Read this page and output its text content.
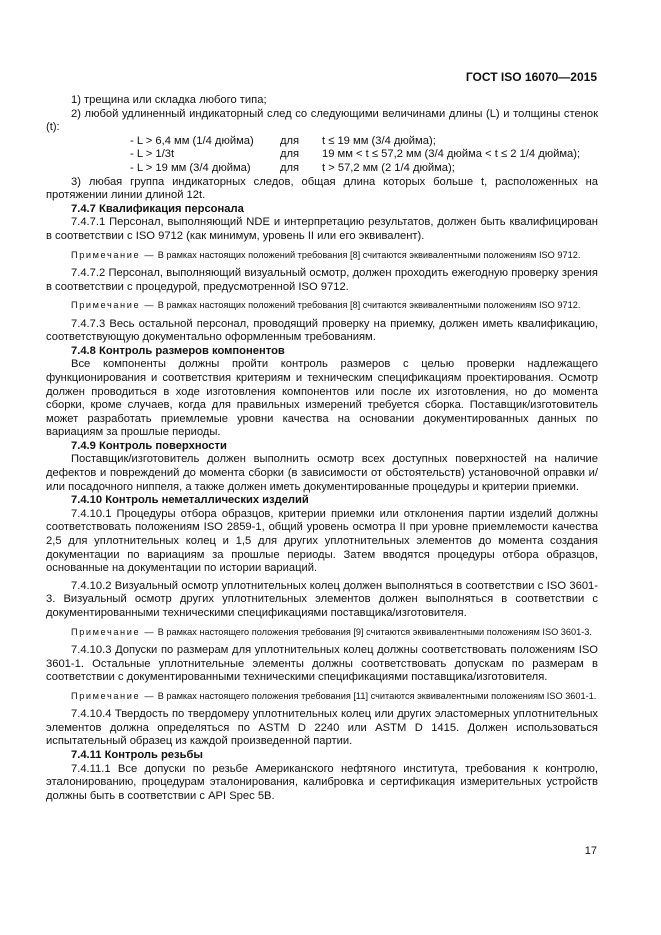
ГОСТ ISO 16070—2015

1) трещина или складка любого типа;

2) любой удлиненный индикаторный след со следующими величинами длины (L) и толщины стенок (t):

- L > 6,4 мм (1/4 дюйма)	для	t ≤ 19 мм (3/4 дюйма);
- L > 1/3t	для	19 мм < t ≤ 57,2 мм (3/4 дюйма < t ≤ 2 1/4 дюйма);
- L > 19 мм (3/4 дюйма)	для	t > 57,2 мм (2 1/4 дюйма);

3) любая группа индикаторных следов, общая длина которых больше t, расположенных на протяжении линии длиной 12t.

7.4.7 Квалификация персонала

7.4.7.1 Персонал, выполняющий NDE и интерпретацию результатов, должен быть квалифицирован в соответствии с ISO 9712 (как минимум, уровень II или его эквивалент).

Примечание — В рамках настоящих положений требования [8] считаются эквивалентными положениям ISO 9712.

7.4.7.2 Персонал, выполняющий визуальный осмотр, должен проходить ежегодную проверку зрения в соответствии с процедурой, предусмотренной ISO 9712.

Примечание — В рамках настоящих положений требования [8] считаются эквивалентными положениям ISO 9712.

7.4.7.3 Весь остальной персонал, проводящий проверку на приемку, должен иметь квалификацию, соответствующую документально оформленным требованиям.

7.4.8 Контроль размеров компонентов

Все компоненты должны пройти контроль размеров с целью проверки надлежащего функционирования и соответствия критериям и техническим спецификациям проектирования. Осмотр должен проводиться в ходе изготовления компонентов или после их изготовления, но до момента сборки, кроме случаев, когда для правильных измерений требуется сборка. Поставщик/изготовитель может разработать приемлемые уровни качества на основании документированных данных по вариациям за прошлые периоды.

7.4.9 Контроль поверхности

Поставщик/изготовитель должен выполнить осмотр всех доступных поверхностей на наличие дефектов и повреждений до момента сборки (в зависимости от обстоятельств) установочной оправки и/или посадочного ниппеля, а также должен иметь документированные процедуры и критерии приемки.

7.4.10 Контроль неметаллических изделий

7.4.10.1 Процедуры отбора образцов, критерии приемки или отклонения партии изделий должны соответствовать положениям ISO 2859-1, общий уровень осмотра II при уровне приемлемости качества 2,5 для уплотнительных колец и 1,5 для других уплотнительных элементов до момента создания документации по вариациям за прошлые периоды. Затем вводятся процедуры отбора образцов, основанные на документации по истории вариаций.

7.4.10.2 Визуальный осмотр уплотнительных колец должен выполняться в соответствии с ISO 3601-3. Визуальный осмотр других уплотнительных элементов должен выполняться в соответствии с документированными техническими спецификациями поставщика/изготовителя.

Примечание — В рамках настоящего положения требования [9] считаются эквивалентными положениям ISO 3601-3.

7.4.10.3 Допуски по размерам для уплотнительных колец должны соответствовать положениям ISO 3601-1. Остальные уплотнительные элементы должны соответствовать допускам по размерам в соответствии с документированными техническими спецификациями поставщика/изготовителя.

Примечание — В рамках настоящего положения требования [11] считаются эквивалентными положениям ISO 3601-1.

7.4.10.4 Твердость по твердомеру уплотнительных колец или других эластомерных уплотнительных элементов должна определяться по ASTM D 2240 или ASTM D 1415. Должен использоваться испытательный образец из каждой произведенной партии.

7.4.11 Контроль резьбы

7.4.11.1 Все допуски по резьбе Американского нефтяного института, требования к контролю, эталонированию, процедурам эталонирования, калибровка и сертификация измерительных устройств должны быть в соответствии с API Spec 5B.

17
